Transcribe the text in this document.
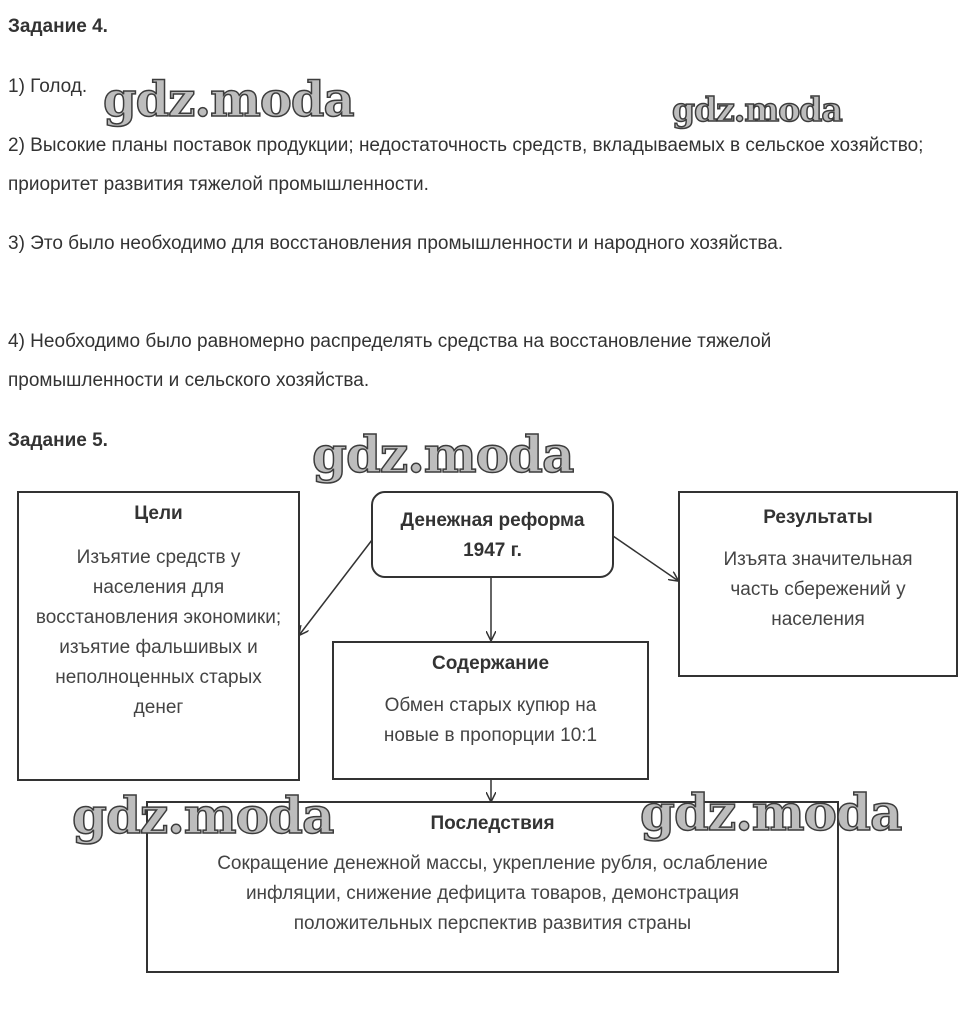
Задание 4.
1) Голод.
2) Высокие планы поставок продукции; недостаточность средств, вкладываемых в сельское хозяйство; приоритет развития тяжелой промышленности.
3) Это было необходимо для восстановления промышленности и народного хозяйства.
4) Необходимо было равномерно распределять средства на восстановление тяжелой промышленности и сельского хозяйства.
Задание 5.
Цели
Изъятие средств у населения для восстановления экономики; изъятие фальшивых и неполноценных старых денег
Денежная реформа 1947 г.
Результаты
Изъята значительная часть сбережений у населения
Содержание
Обмен старых купюр на новые в пропорции 10:1
Последствия
Сокращение денежной массы, укрепление рубля, ослабление инфляции, снижение дефицита товаров, демонстрация положительных перспектив развития страны
gdz.moda	gdz.moda
gdz.moda
gdz.moda	gdz.moda
